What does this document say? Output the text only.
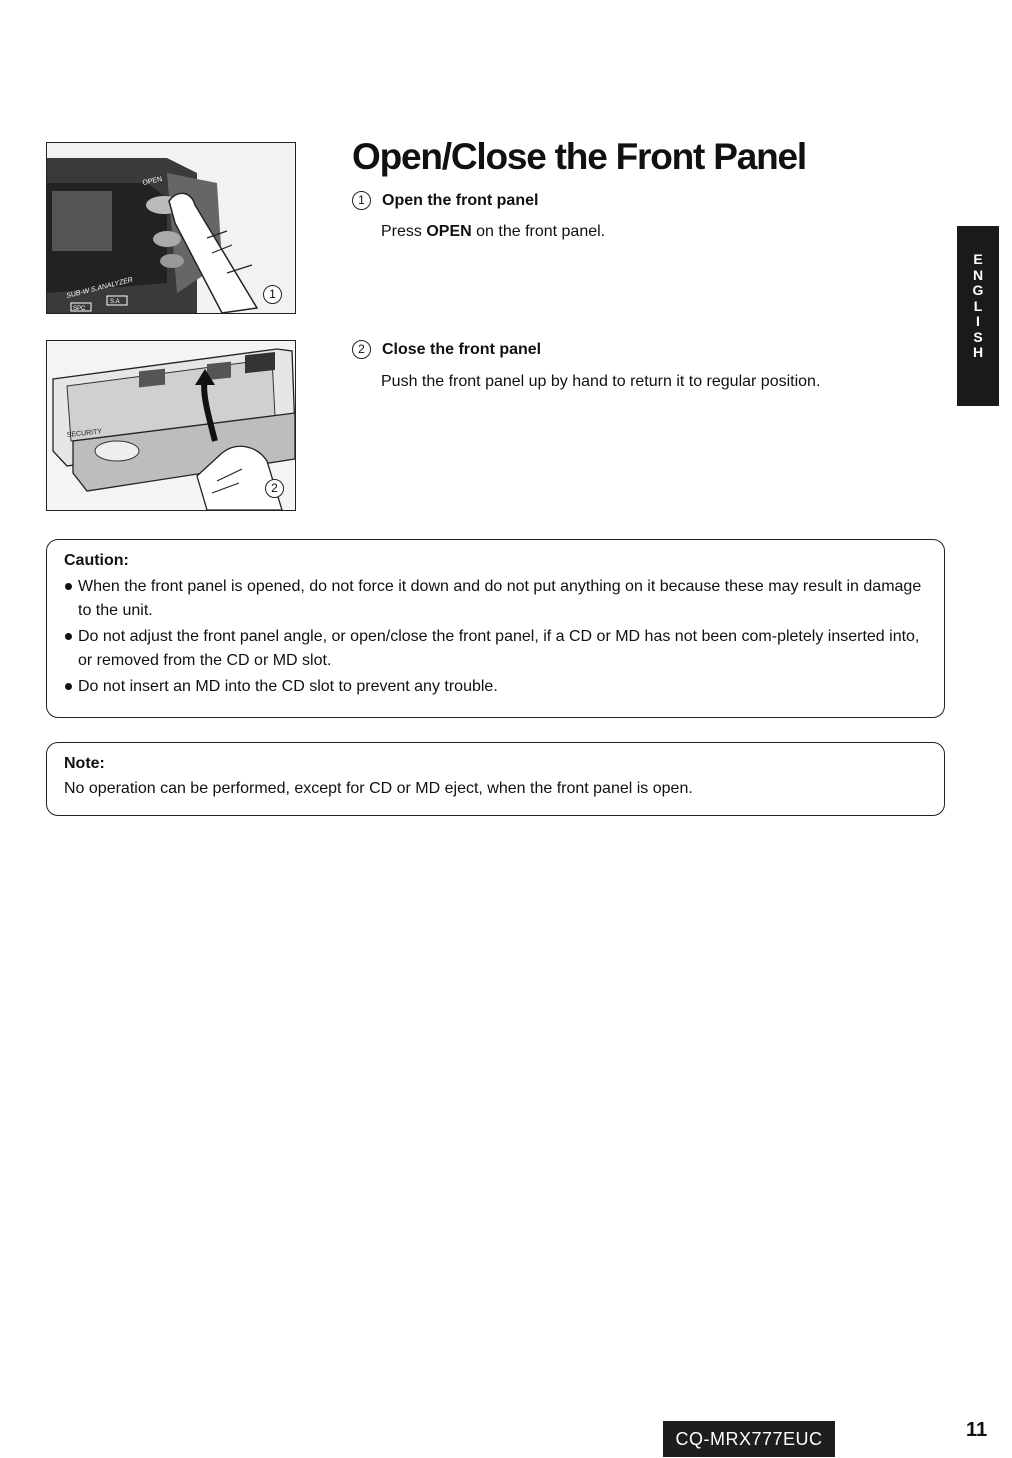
OPEN
SUB-W S.ANALYZER
SPC
S.A
1
SECURITY
2
Open/Close the Front Panel
1	Open the front panel
Press OPEN on the front panel.
2	Close the front panel
Push the front panel up by hand to return it to regular position.
E
N
G
L
I
S
H
Caution:
When the front panel is opened, do not force it down and do not put anything on it because these may result in damage to the unit.
Do not adjust the front panel angle, or open/close the front panel, if a CD or MD has not been com-pletely inserted into, or removed from the CD or MD slot.
Do not insert an MD into the CD slot to prevent any trouble.
Note:
No operation can be performed, except for CD or MD eject, when the front panel is open.
CQ-MRX777EUC	11
